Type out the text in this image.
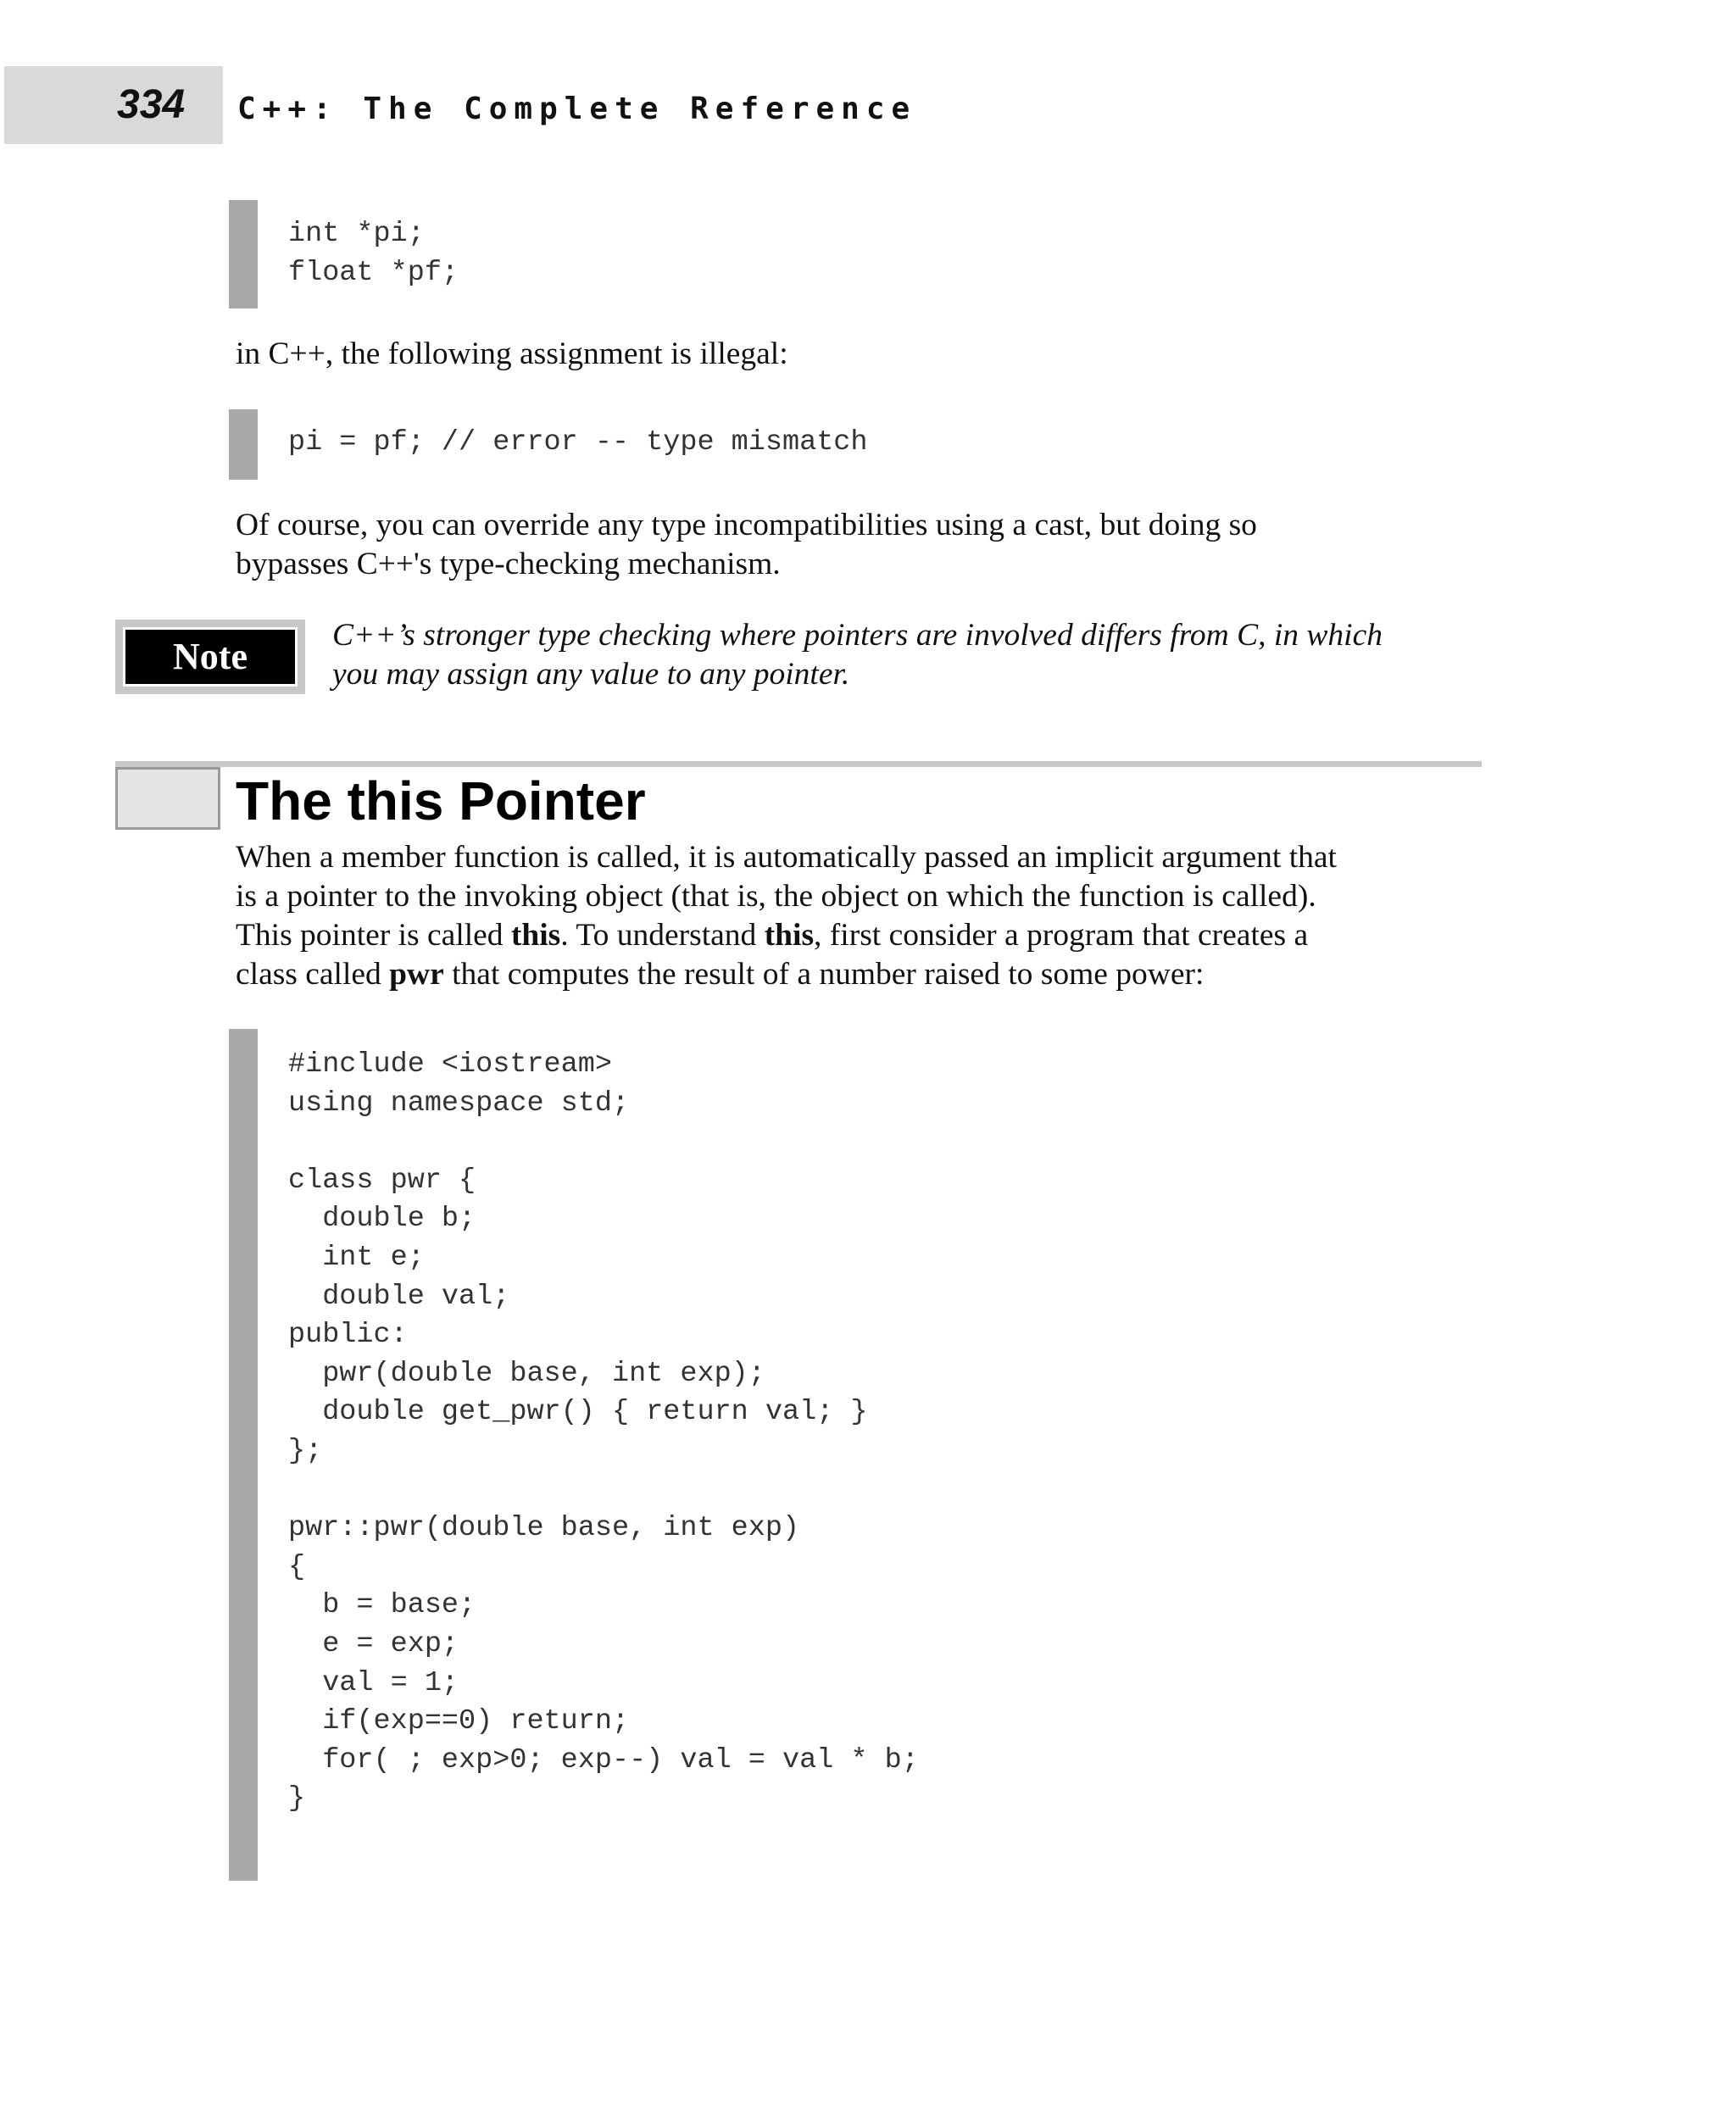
334 C++: The Complete Reference
int *pi;
float *pf;

in C++, the following assignment is illegal:

pi = pf; // error -- type mismatch

Of course, you can override any type incompatibilities using a cast, but doing so
bypasses C++'s type-checking mechanism.

Note

C++’s stronger type checking where pointers are involved differs from C, in which
you may assign any value to any pointer.

The this Pointer

When a member function is called, it is automatically passed an implicit argument that
is a pointer to the invoking object (that is, the object on which the function is called).
This pointer is called this. To understand this, first consider a program that creates a
class called pwr that computes the result of a number raised to some power:

#include <iostream>
using namespace std;

class pwr {
double b;
int e;
double val;
public:
pwr(double base, int exp);
double get_pwr() { return val; }
};

pwr::pwr(double base, int exp)
{
b = base;
e = exp;
val = 1;
if(exp==0) return;
for( ; exp>0; exp--) val = val * b;
}
